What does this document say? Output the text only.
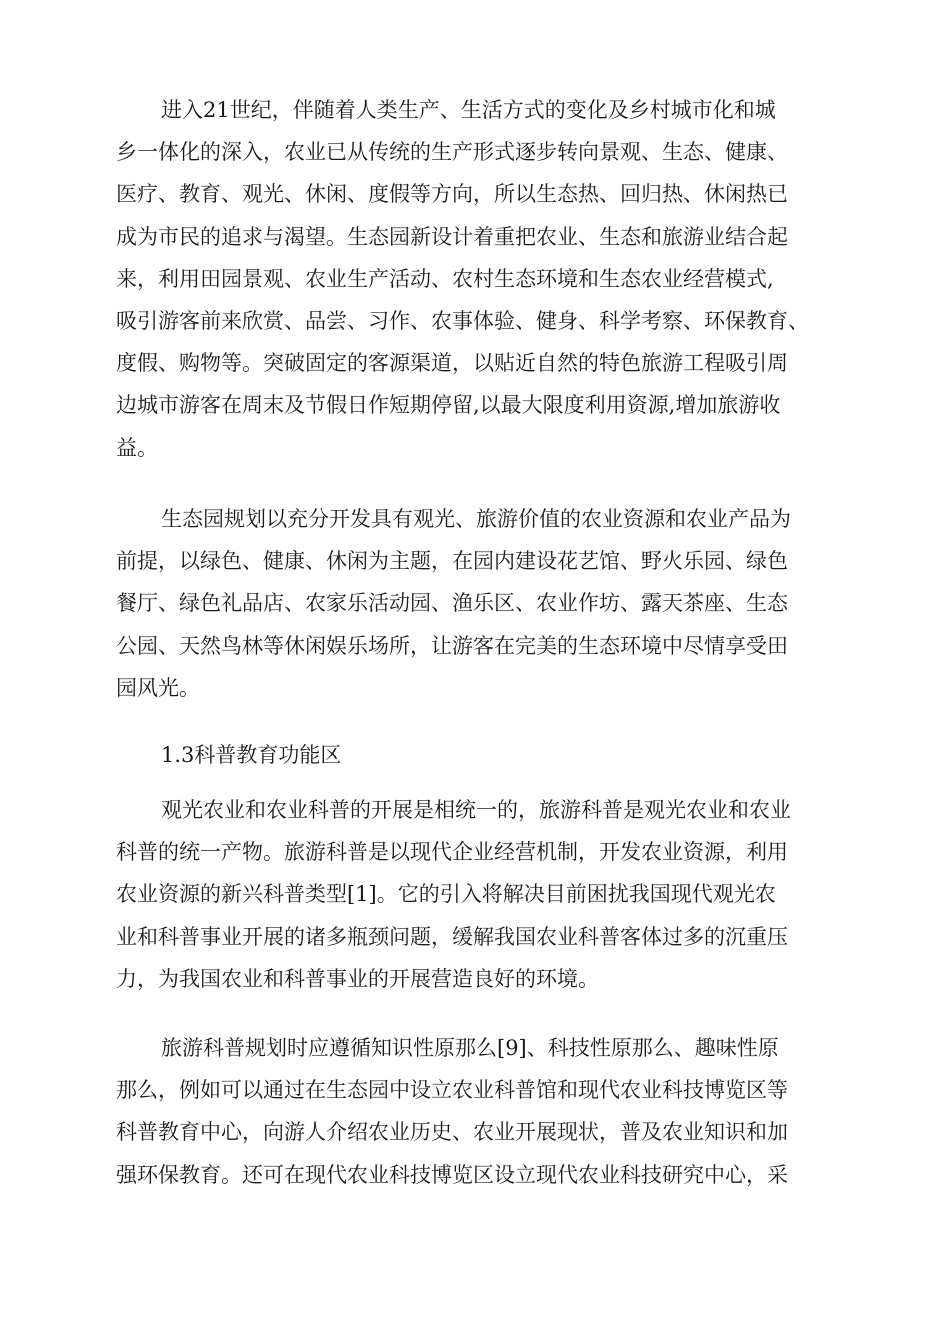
进入21世纪，伴随着人类生产、生活方式的变化及乡村城市化和城
乡一体化的深入，农业已从传统的生产形式逐步转向景观、生态、健康、
医疗、教育、观光、休闲、度假等方向，所以生态热、回归热、休闲热已
成为市民的追求与渴望。生态园新设计着重把农业、生态和旅游业结合起
来，利用田园景观、农业生产活动、农村生态环境和生态农业经营模式,
吸引游客前来欣赏、品尝、习作、农事体验、健身、科学考察、环保教育、
度假、购物等。突破固定的客源渠道，以贴近自然的特色旅游工程吸引周
边城市游客在周末及节假日作短期停留,以最大限度利用资源,增加旅游收
益。
生态园规划以充分开发具有观光、旅游价值的农业资源和农业产品为
前提，以绿色、健康、休闲为主题，在园内建设花艺馆、野火乐园、绿色
餐厅、绿色礼品店、农家乐活动园、渔乐区、农业作坊、露天茶座、生态
公园、天然鸟林等休闲娱乐场所，让游客在完美的生态环境中尽情享受田
园风光。
1.3科普教育功能区
观光农业和农业科普的开展是相统一的，旅游科普是观光农业和农业
科普的统一产物。旅游科普是以现代企业经营机制，开发农业资源，利用
农业资源的新兴科普类型[1]。它的引入将解决目前困扰我国现代观光农
业和科普事业开展的诸多瓶颈问题，缓解我国农业科普客体过多的沉重压
力，为我国农业和科普事业的开展营造良好的环境。
旅游科普规划时应遵循知识性原那么[9]、科技性原那么、趣味性原
那么，例如可以通过在生态园中设立农业科普馆和现代农业科技博览区等
科普教育中心，向游人介绍农业历史、农业开展现状，普及农业知识和加
强环保教育。还可在现代农业科技博览区设立现代农业科技研究中心，采
